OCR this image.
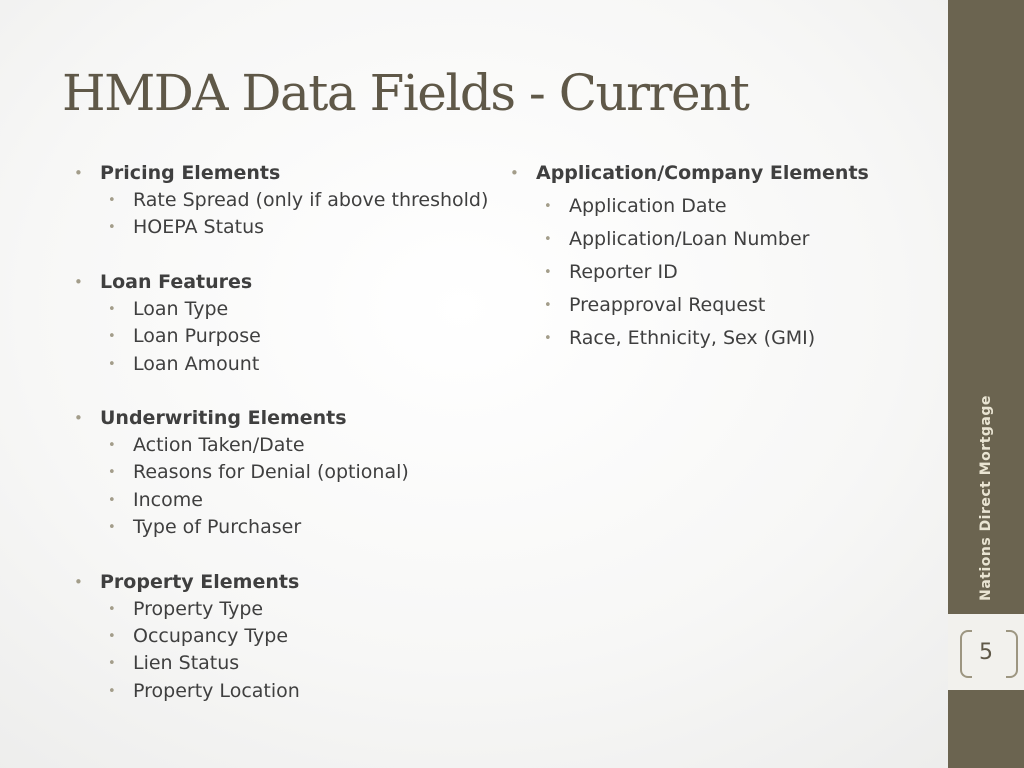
HMDA Data Fields - Current
• Pricing Elements
• Rate Spread (only if above threshold)
• HOEPA Status
• Loan Features
• Loan Type
• Loan Purpose
• Loan Amount
• Underwriting Elements
• Action Taken/Date
• Reasons for Denial (optional)
• Income
• Type of Purchaser
• Property Elements
• Property Type
• Occupancy Type
• Lien Status
• Property Location
• Application/Company Elements
• Application Date
• Application/Loan Number
• Reporter ID
• Preapproval Request
• Race, Ethnicity, Sex (GMI)
Nations Direct Mortgage
5
